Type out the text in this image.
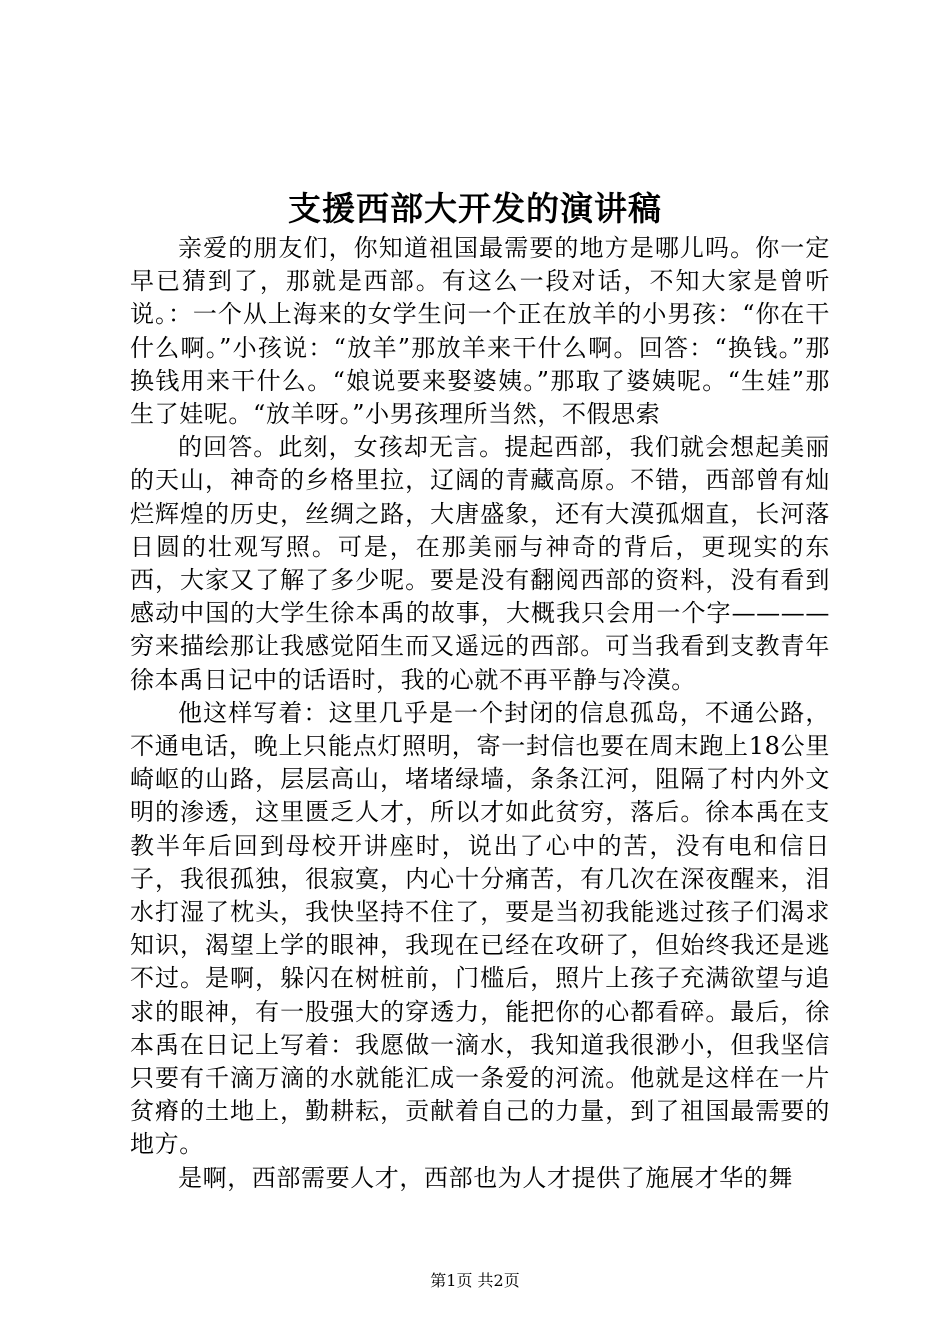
支援西部大开发的演讲稿

亲爱的朋友们，你知道祖国最需要的地方是哪儿吗。你一定早已猜到了，那就是西部。有这么一段对话，不知大家是曾听说。：一个从上海来的女学生问一个正在放羊的小男孩：“你在干什么啊。”小孩说：“放羊”那放羊来干什么啊。回答：“换钱。”那换钱用来干什么。“娘说要来娶婆姨。”那取了婆姨呢。“生娃”那生了娃呢。“放羊呀。”小男孩理所当然，不假思索

的回答。此刻，女孩却无言。提起西部，我们就会想起美丽的天山，神奇的乡格里拉，辽阔的青藏高原。不错，西部曾有灿烂辉煌的历史，丝绸之路，大唐盛象，还有大漠孤烟直，长河落日圆的壮观写照。可是，在那美丽与神奇的背后，更现实的东西，大家又了解了多少呢。要是没有翻阅西部的资料，没有看到感动中国的大学生徐本禹的故事，大概我只会用一个字————穷来描绘那让我感觉陌生而又遥远的西部。可当我看到支教青年徐本禹日记中的话语时，我的心就不再平静与冷漠。

他这样写着：这里几乎是一个封闭的信息孤岛，不通公路，不通电话，晚上只能点灯照明，寄一封信也要在周末跑上18公里崎岖的山路，层层高山，堵堵绿墙，条条江河，阻隔了村内外文明的渗透，这里匮乏人才，所以才如此贫穷，落后。徐本禹在支教半年后回到母校开讲座时，说出了心中的苦，没有电和信日子，我很孤独，很寂寞，内心十分痛苦，有几次在深夜醒来，泪水打湿了枕头，我快坚持不住了，要是当初我能逃过孩子们渴求知识，渴望上学的眼神，我现在已经在攻研了，但始终我还是逃不过。是啊，躲闪在树桩前，门槛后，照片上孩子充满欲望与追求的眼神，有一股强大的穿透力，能把你的心都看碎。最后，徐本禹在日记上写着：我愿做一滴水，我知道我很渺小，但我坚信只要有千滴万滴的水就能汇成一条爱的河流。他就是这样在一片贫瘠的土地上，勤耕耘，贡献着自己的力量，到了祖国最需要的地方。

是啊，西部需要人才，西部也为人才提供了施展才华的舞

第1页 共2页
